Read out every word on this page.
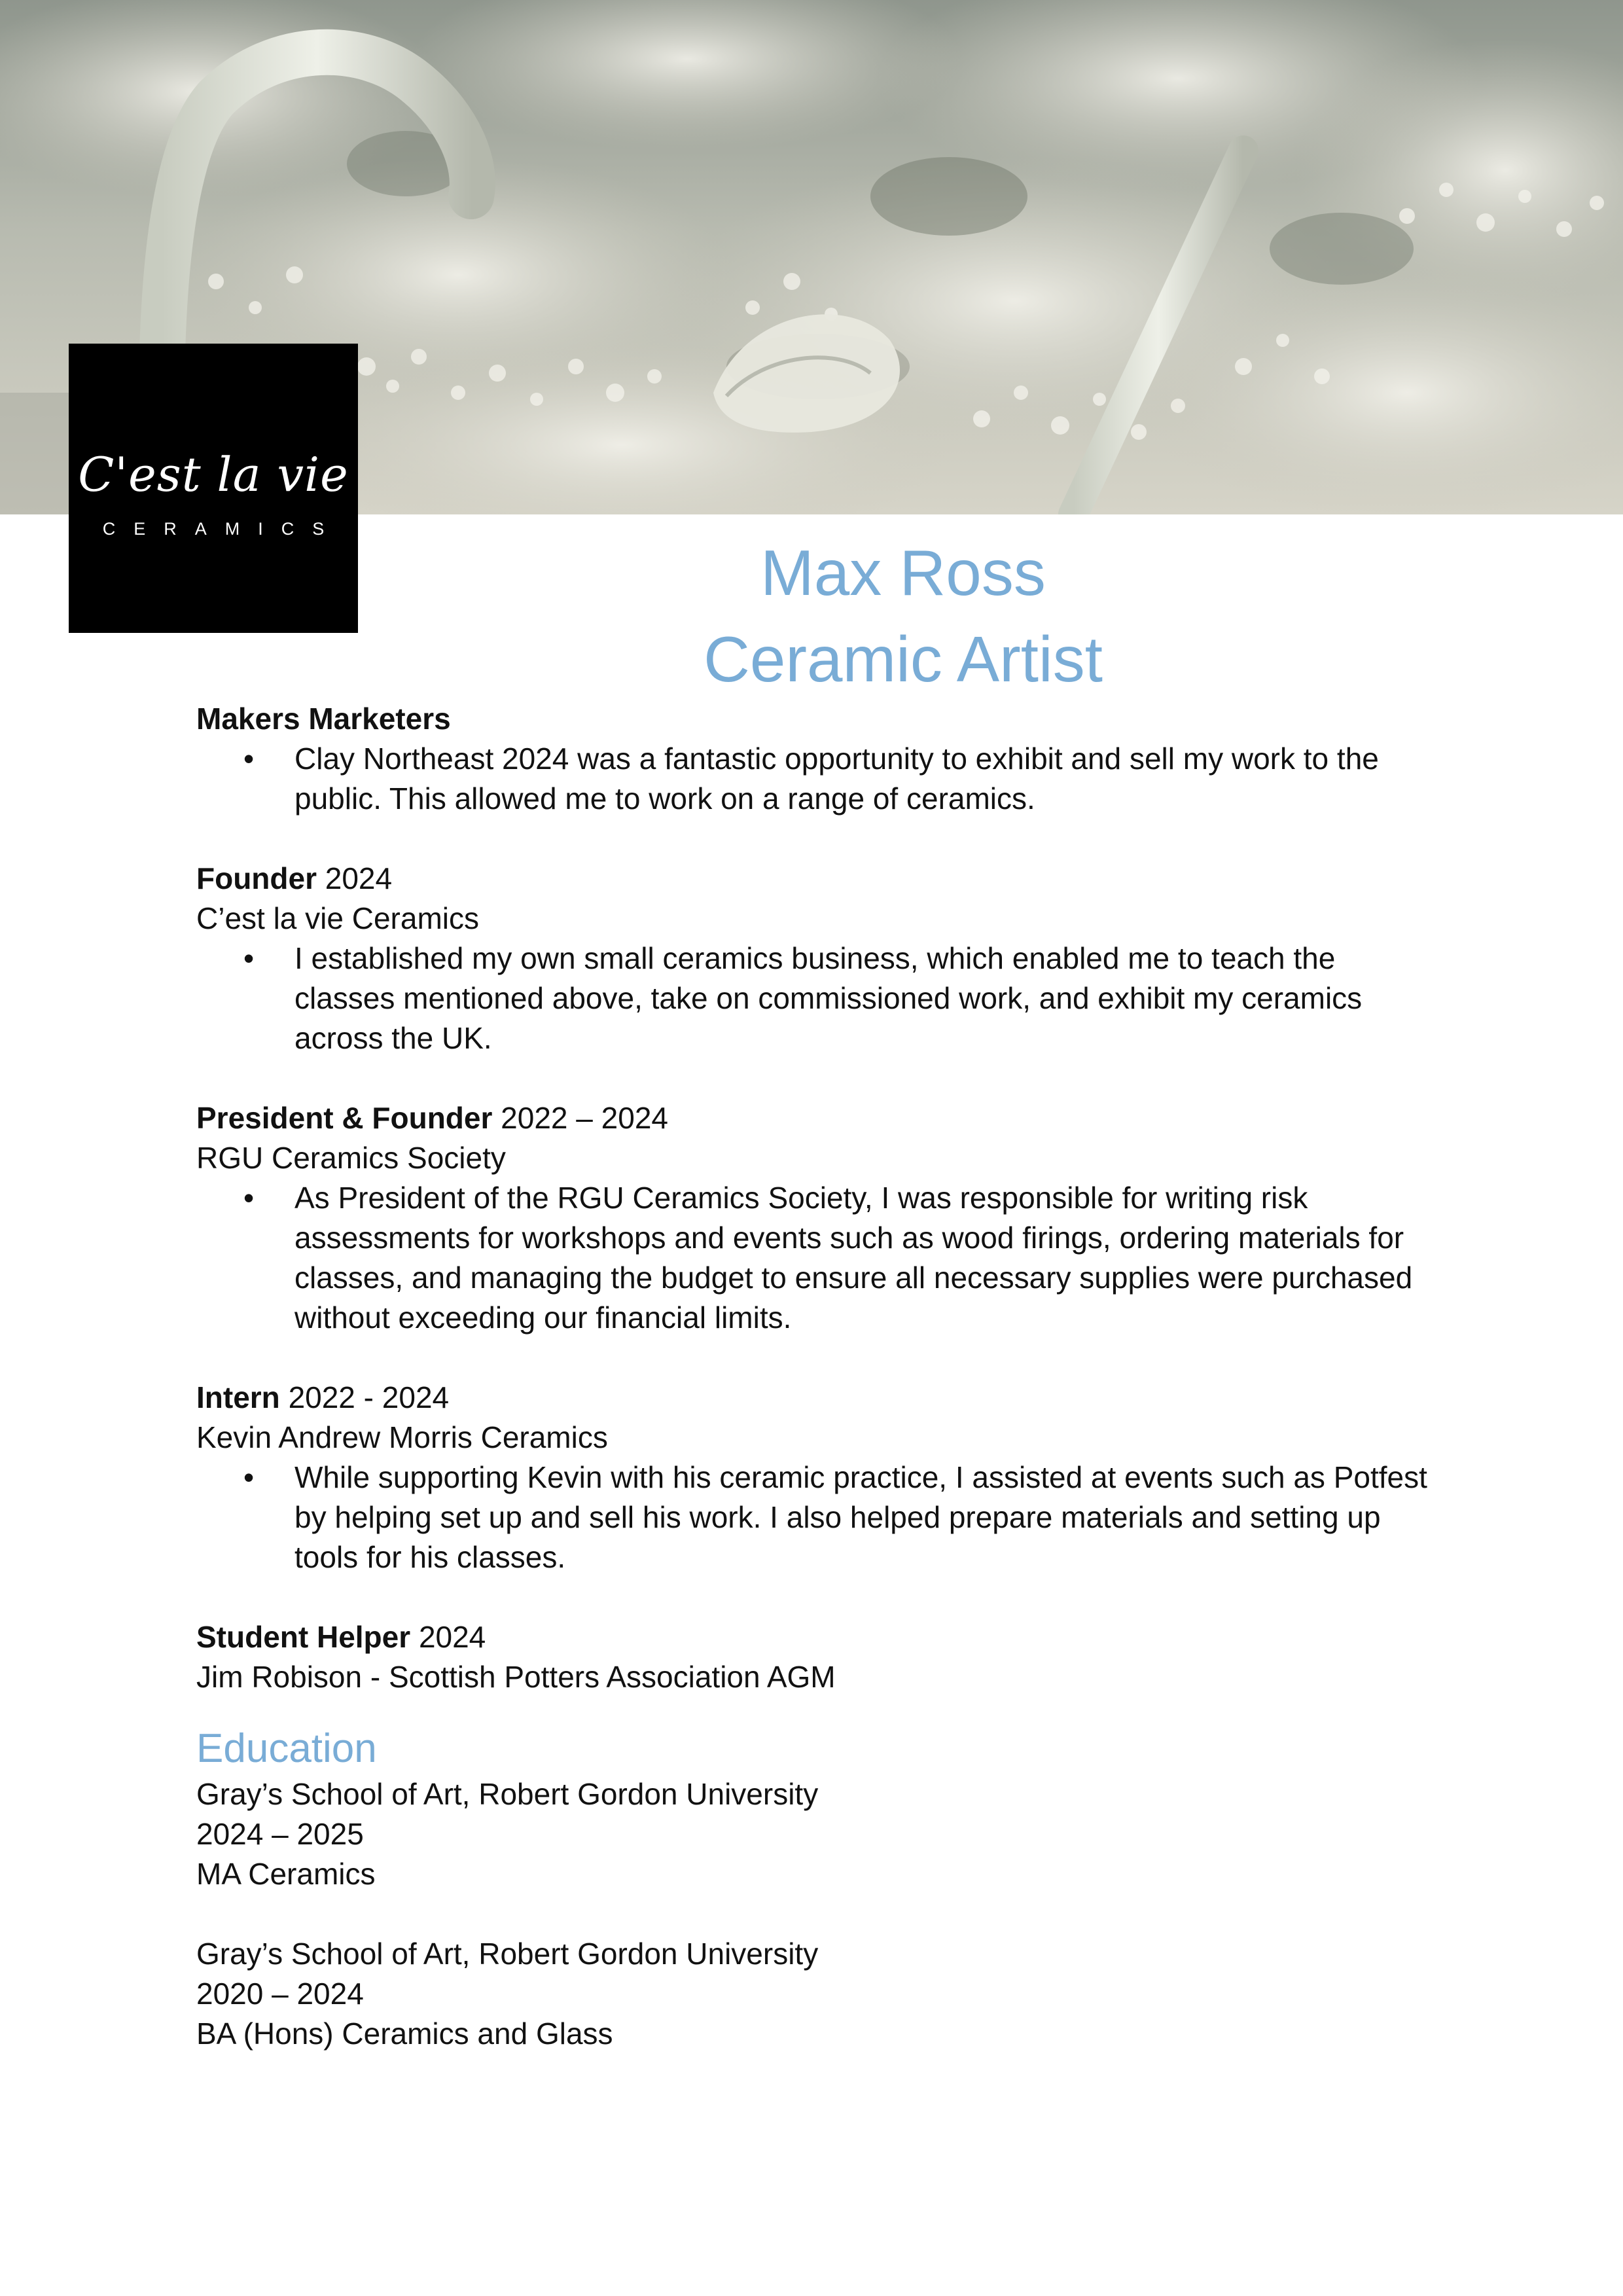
C'est la vie
CERAMICS
Max Ross
Ceramic Artist
Makers Marketers
•
Clay Northeast 2024 was a fantastic opportunity to exhibit and sell my work to the public. This allowed me to work on a range of ceramics.
Founder 2024
C’est la vie Ceramics
•
I established my own small ceramics business, which enabled me to teach the classes mentioned above, take on commissioned work, and exhibit my ceramics across the UK.
President & Founder 2022 – 2024
RGU Ceramics Society
•
As President of the RGU Ceramics Society, I was responsible for writing risk assessments for workshops and events such as wood firings, ordering materials for classes, and managing the budget to ensure all necessary supplies were purchased without exceeding our financial limits.
Intern 2022 - 2024
Kevin Andrew Morris Ceramics
•
While supporting Kevin with his ceramic practice, I assisted at events such as Potfest by helping set up and sell his work. I also helped prepare materials and setting up tools for his classes.
Student Helper 2024
Jim Robison - Scottish Potters Association AGM
Education
Gray’s School of Art, Robert Gordon University
2024 – 2025
MA Ceramics
Gray’s School of Art, Robert Gordon University
2020 – 2024
BA (Hons) Ceramics and Glass
